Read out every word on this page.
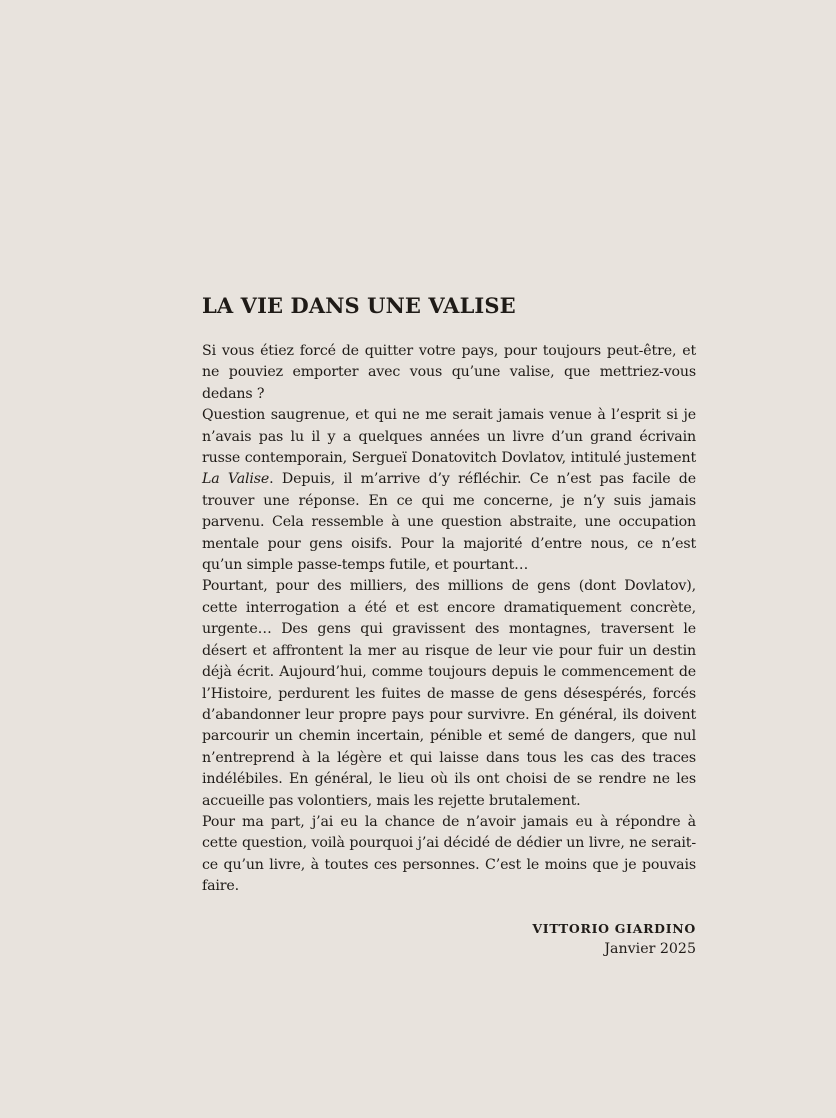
LA VIE DANS UNE VALISE

Si vous étiez forcé de quitter votre pays, pour toujours peut-être, et ne pouviez emporter avec vous qu’une valise, que mettriez-vous dedans ?

Question saugrenue, et qui ne me serait jamais venue à l’esprit si je n’avais pas lu il y a quelques années un livre d’un grand écrivain russe contemporain, Sergueï Donatovitch Dovlatov, intitulé justement La Valise. Depuis, il m’arrive d’y réfléchir. Ce n’est pas facile de trouver une réponse. En ce qui me concerne, je n’y suis jamais parvenu. Cela ressemble à une question abstraite, une occupation mentale pour gens oisifs. Pour la majorité d’entre nous, ce n’est qu’un simple passe-temps futile, et pourtant…

Pourtant, pour des milliers, des millions de gens (dont Dovlatov), cette interrogation a été et est encore dramatiquement concrète, urgente… Des gens qui gravissent des montagnes, traversent le désert et affrontent la mer au risque de leur vie pour fuir un destin déjà écrit. Aujourd’hui, comme toujours depuis le commencement de l’Histoire, perdurent les fuites de masse de gens désespérés, forcés d’abandonner leur propre pays pour survivre. En général, ils doivent parcourir un chemin incertain, pénible et semé de dangers, que nul n’entreprend à la légère et qui laisse dans tous les cas des traces indélébiles. En général, le lieu où ils ont choisi de se rendre ne les accueille pas volontiers, mais les rejette brutalement.

Pour ma part, j’ai eu la chance de n’avoir jamais eu à répondre à cette question, voilà pourquoi j’ai décidé de dédier un livre, ne serait-ce qu’un livre, à toutes ces personnes. C’est le moins que je pouvais faire.

VITTORIO GIARDINO
Janvier 2025
